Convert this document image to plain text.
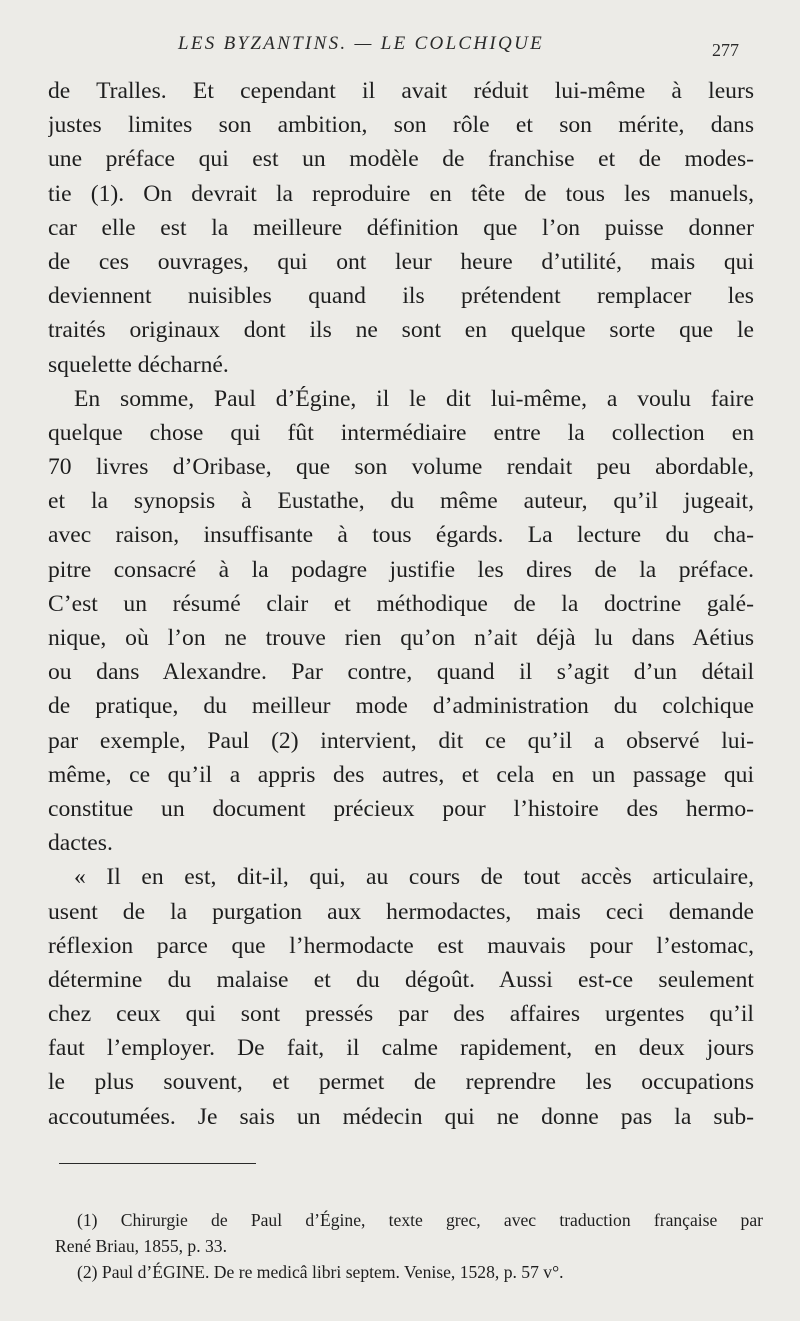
LES BYZANTINS. — LE COLCHIQUE	277
de Tralles. Et cependant il avait réduit lui-même à leurs
justes limites son ambition, son rôle et son mérite, dans
une préface qui est un modèle de franchise et de modes-
tie (1). On devrait la reproduire en tête de tous les manuels,
car elle est la meilleure définition que l’on puisse donner
de ces ouvrages, qui ont leur heure d’utilité, mais qui
deviennent nuisibles quand ils prétendent remplacer les
traités originaux dont ils ne sont en quelque sorte que le
squelette décharné.
En somme, Paul d’Égine, il le dit lui-même, a voulu faire
quelque chose qui fût intermédiaire entre la collection en
70 livres d’Oribase, que son volume rendait peu abordable,
et la synopsis à Eustathe, du même auteur, qu’il jugeait,
avec raison, insuffisante à tous égards. La lecture du cha-
pitre consacré à la podagre justifie les dires de la préface.
C’est un résumé clair et méthodique de la doctrine galé-
nique, où l’on ne trouve rien qu’on n’ait déjà lu dans Aétius
ou dans Alexandre. Par contre, quand il s’agit d’un détail
de pratique, du meilleur mode d’administration du colchique
par exemple, Paul (2) intervient, dit ce qu’il a observé lui-
même, ce qu’il a appris des autres, et cela en un passage qui
constitue un document précieux pour l’histoire des hermo-
dactes.
« Il en est, dit-il, qui, au cours de tout accès articulaire,
usent de la purgation aux hermodactes, mais ceci demande
réflexion parce que l’hermodacte est mauvais pour l’estomac,
détermine du malaise et du dégoût. Aussi est-ce seulement
chez ceux qui sont pressés par des affaires urgentes qu’il
faut l’employer. De fait, il calme rapidement, en deux jours
le plus souvent, et permet de reprendre les occupations
accoutumées. Je sais un médecin qui ne donne pas la sub-
(1) Chirurgie de Paul d’Égine, texte grec, avec traduction française par
René Briau, 1855, p. 33.
(2) Paul d’ÉGINE. De re medicâ libri septem. Venise, 1528, p. 57 v°.
